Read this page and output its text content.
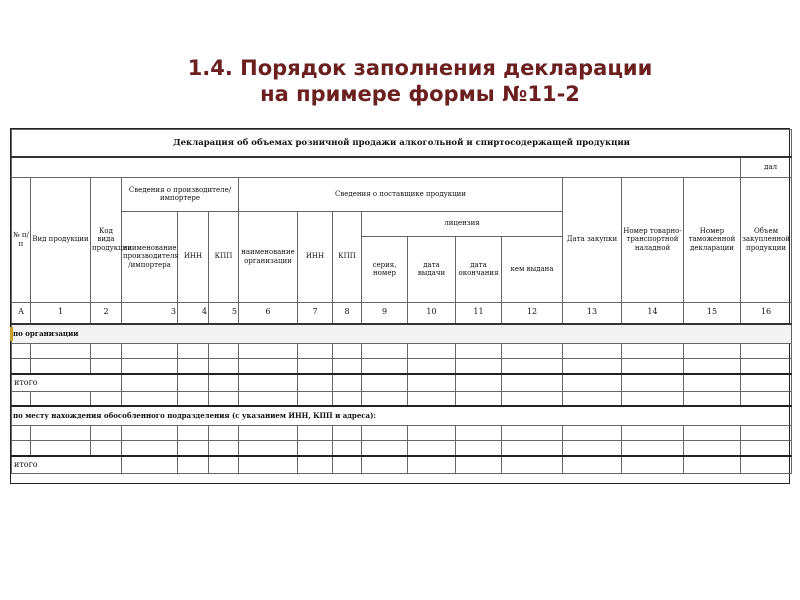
1.4. Порядок заполнения декларации
на примере формы №11-2
Декларация об объемах розничной продажи алкогольной и спиртосодержащей продукции																
																дал
№ п/п	Вид продукции	Код вида продукции	Сведения о производителе/импортере			Сведения о поставщике продукции							Дата закупки	Номер товарно-транспортной наладной	Номер таможенной декларации	Объем закупленной продукции
			наименование производителя /импортера	ИНН	КПП	наименование организации	ИНН	КПП	лицензия							
									серия, номер	дата выдачи	дата окончания	кем выдана				
А	1	2	3	4	5	6	7	8	9	10	11	12	13	14	15	16
по организации																

итого																

по месту нахождения обособленного подразделения (с указанием ИНН, КПП и адреса):																

итого																
